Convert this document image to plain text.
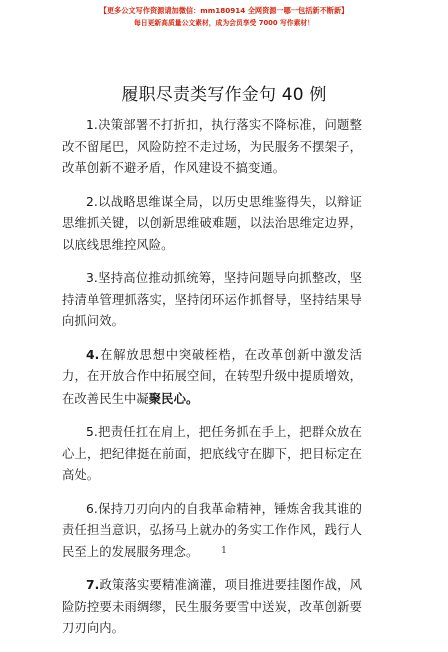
【更多公文写作资源请加微信：mm180914 全网资源一哪一包括新不断新】
每日更新高质量公文素材，成为会员享受 7000 写作素材！
履职尽责类写作金句 40 例

1.决策部署不打折扣，执行落实不降标准，问题整改不留尾巴，风险防控不走过场，为民服务不摆架子，改革创新不避矛盾，作风建设不搞变通。

2.以战略思维谋全局，以历史思维鉴得失，以辩证思维抓关键，以创新思维破难题，以法治思维定边界，以底线思维控风险。

3.坚持高位推动抓统筹，坚持问题导向抓整改，坚持清单管理抓落实，坚持闭环运作抓督导，坚持结果导向抓问效。

4.在解放思想中突破桎梏，在改革创新中激发活力，在开放合作中拓展空间，在转型升级中提质增效，在改善民生中凝聚民心。

5.把责任扛在肩上，把任务抓在手上，把群众放在心上，把纪律挺在前面，把底线守在脚下，把目标定在高处。

6.保持刀刃向内的自我革命精神，锤炼舍我其谁的责任担当意识，弘扬马上就办的务实工作作风，践行人民至上的发展服务理念。

7.政策落实要精准滴灌，项目推进要挂图作战，风险防控要未雨绸缪，民生服务要雪中送炭，改革创新要刀刃向内。

1
